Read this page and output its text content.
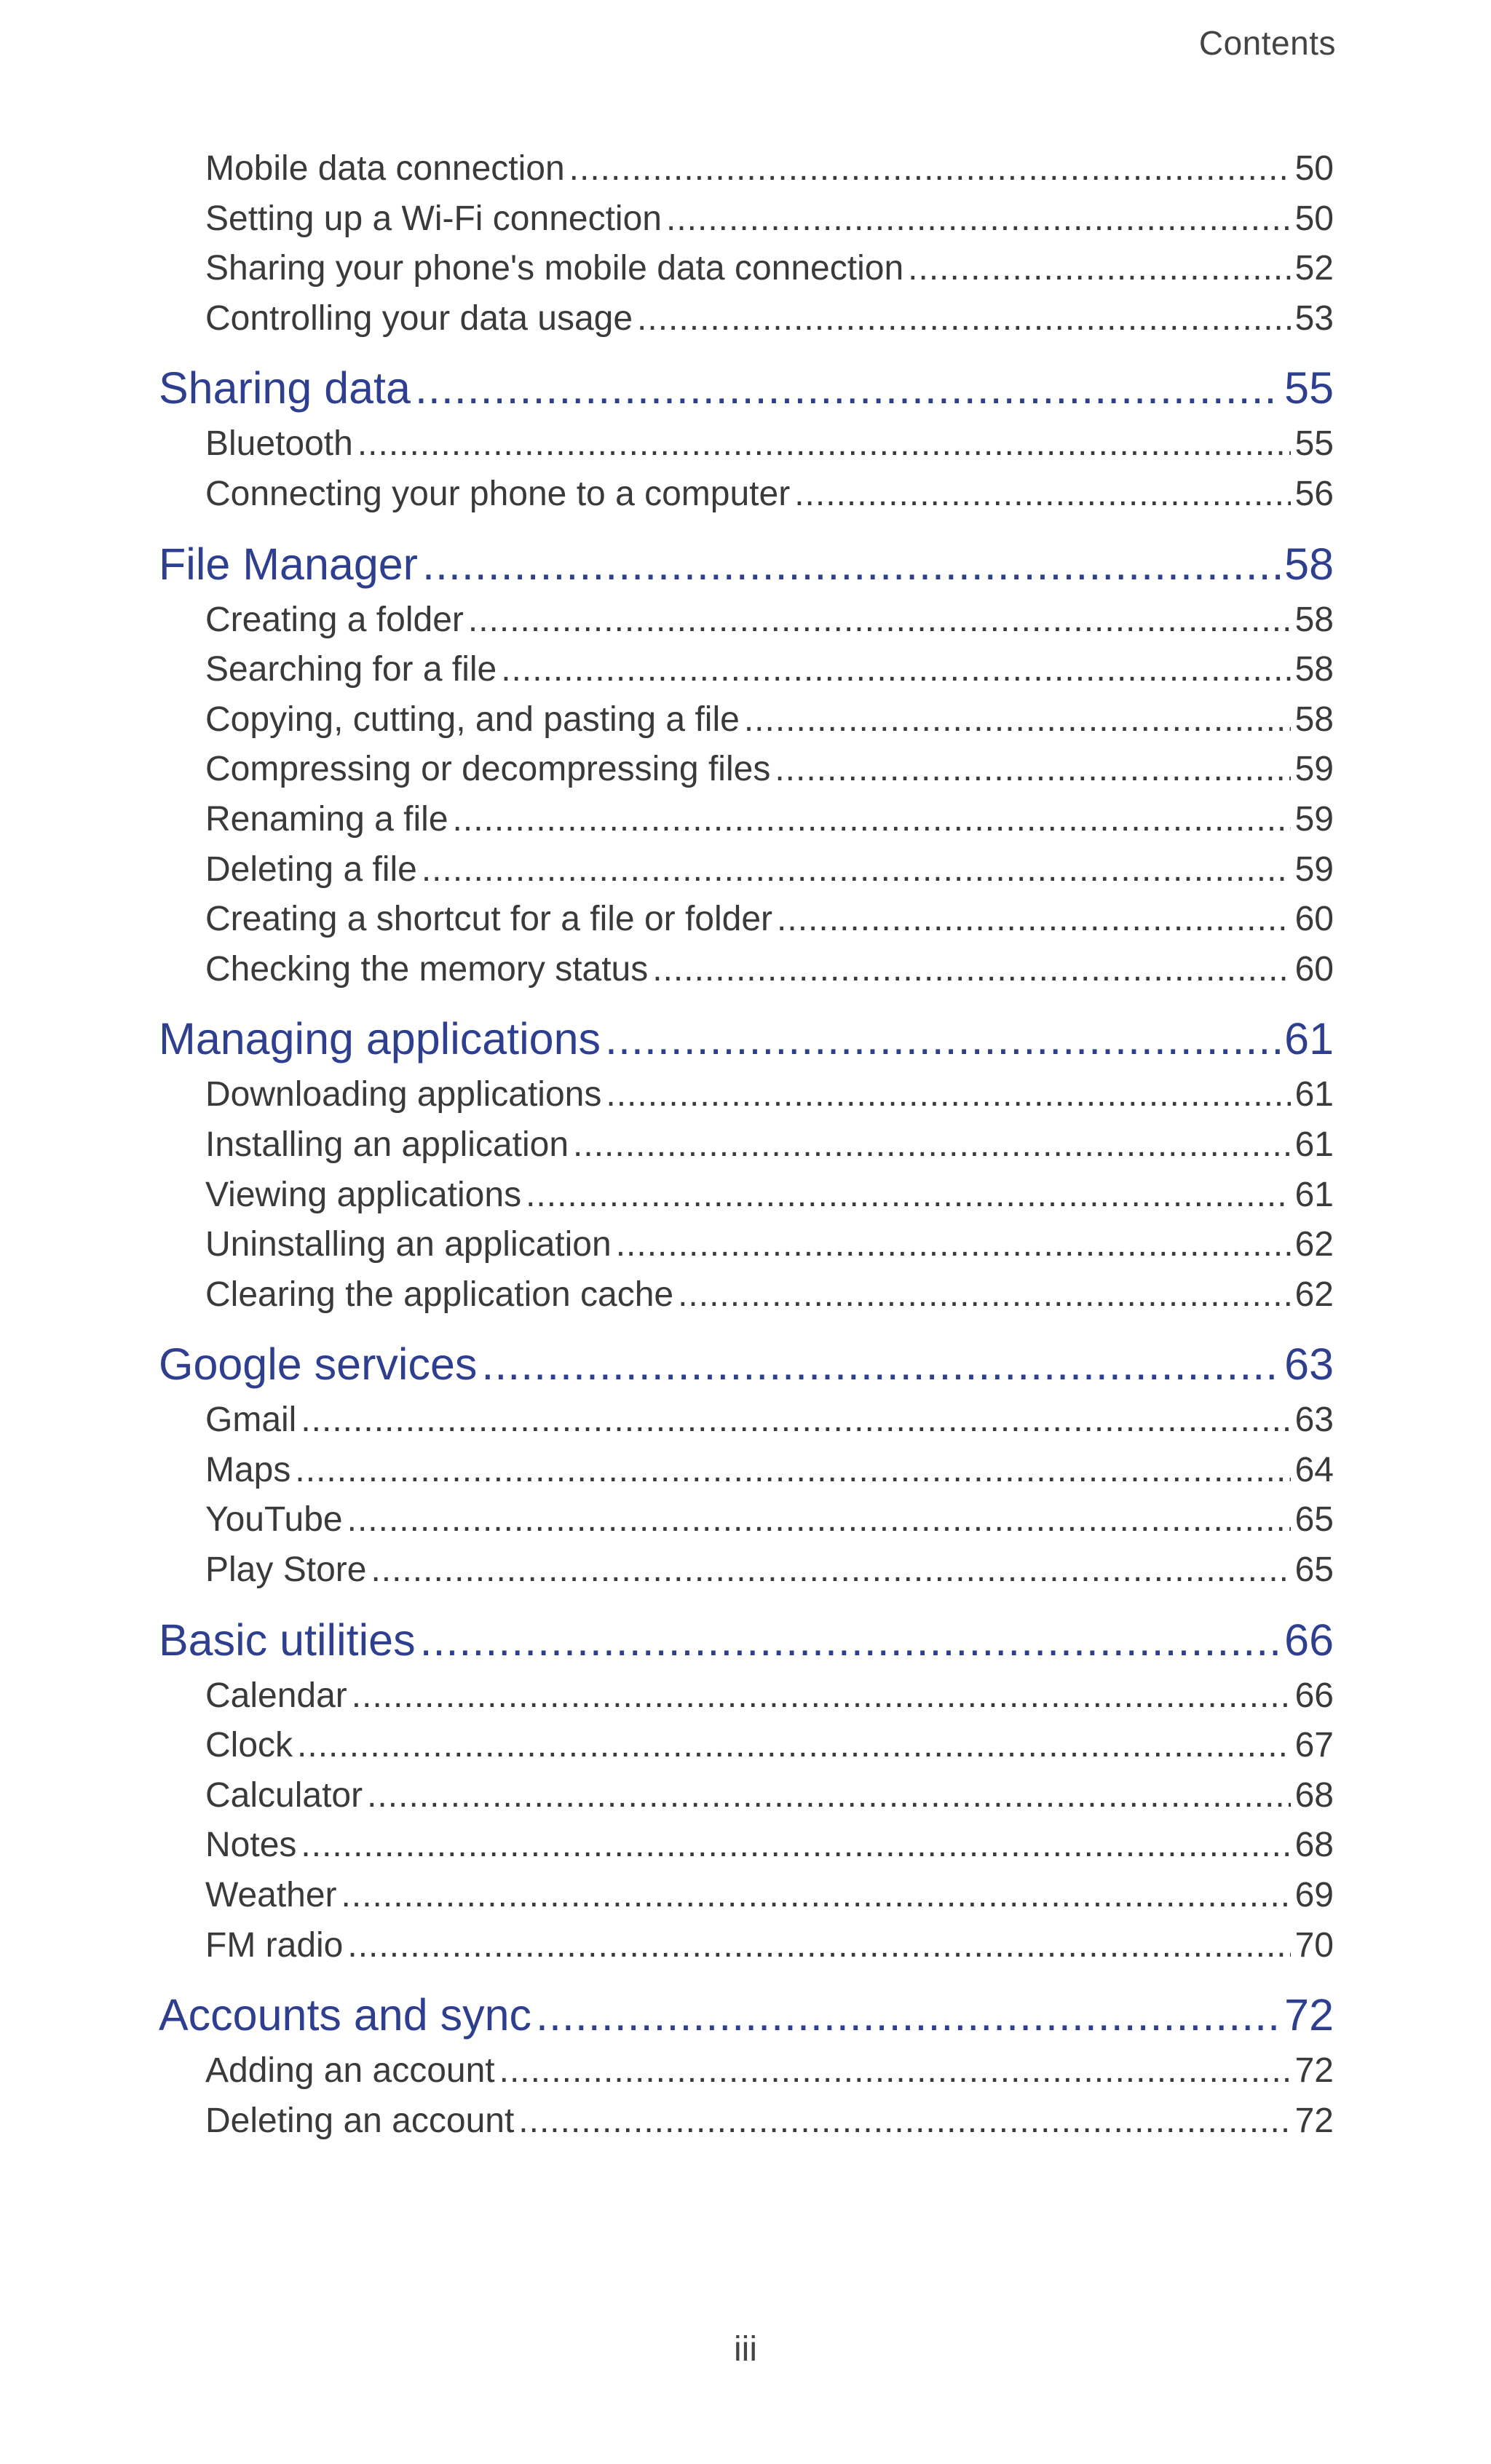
Contents
Mobile data connection .....	50
Setting up a Wi-Fi connection .....	50
Sharing your phone's mobile data connection .....	52
Controlling your data usage .....	53
Sharing data .....	55
Bluetooth .....	55
Connecting your phone to a computer .....	56
File Manager .....	58
Creating a folder .....	58
Searching for a file .....	58
Copying, cutting, and pasting a file .....	58
Compressing or decompressing files .....	59
Renaming a file .....	59
Deleting a file .....	59
Creating a shortcut for a file or folder .....	60
Checking the memory status .....	60
Managing applications .....	61
Downloading applications .....	61
Installing an application .....	61
Viewing applications .....	61
Uninstalling an application .....	62
Clearing the application cache .....	62
Google services .....	63
Gmail .....	63
Maps .....	64
YouTube .....	65
Play Store .....	65
Basic utilities .....	66
Calendar .....	66
Clock .....	67
Calculator .....	68
Notes .....	68
Weather .....	69
FM radio .....	70
Accounts and sync .....	72
Adding an account .....	72
Deleting an account .....	72
iii
